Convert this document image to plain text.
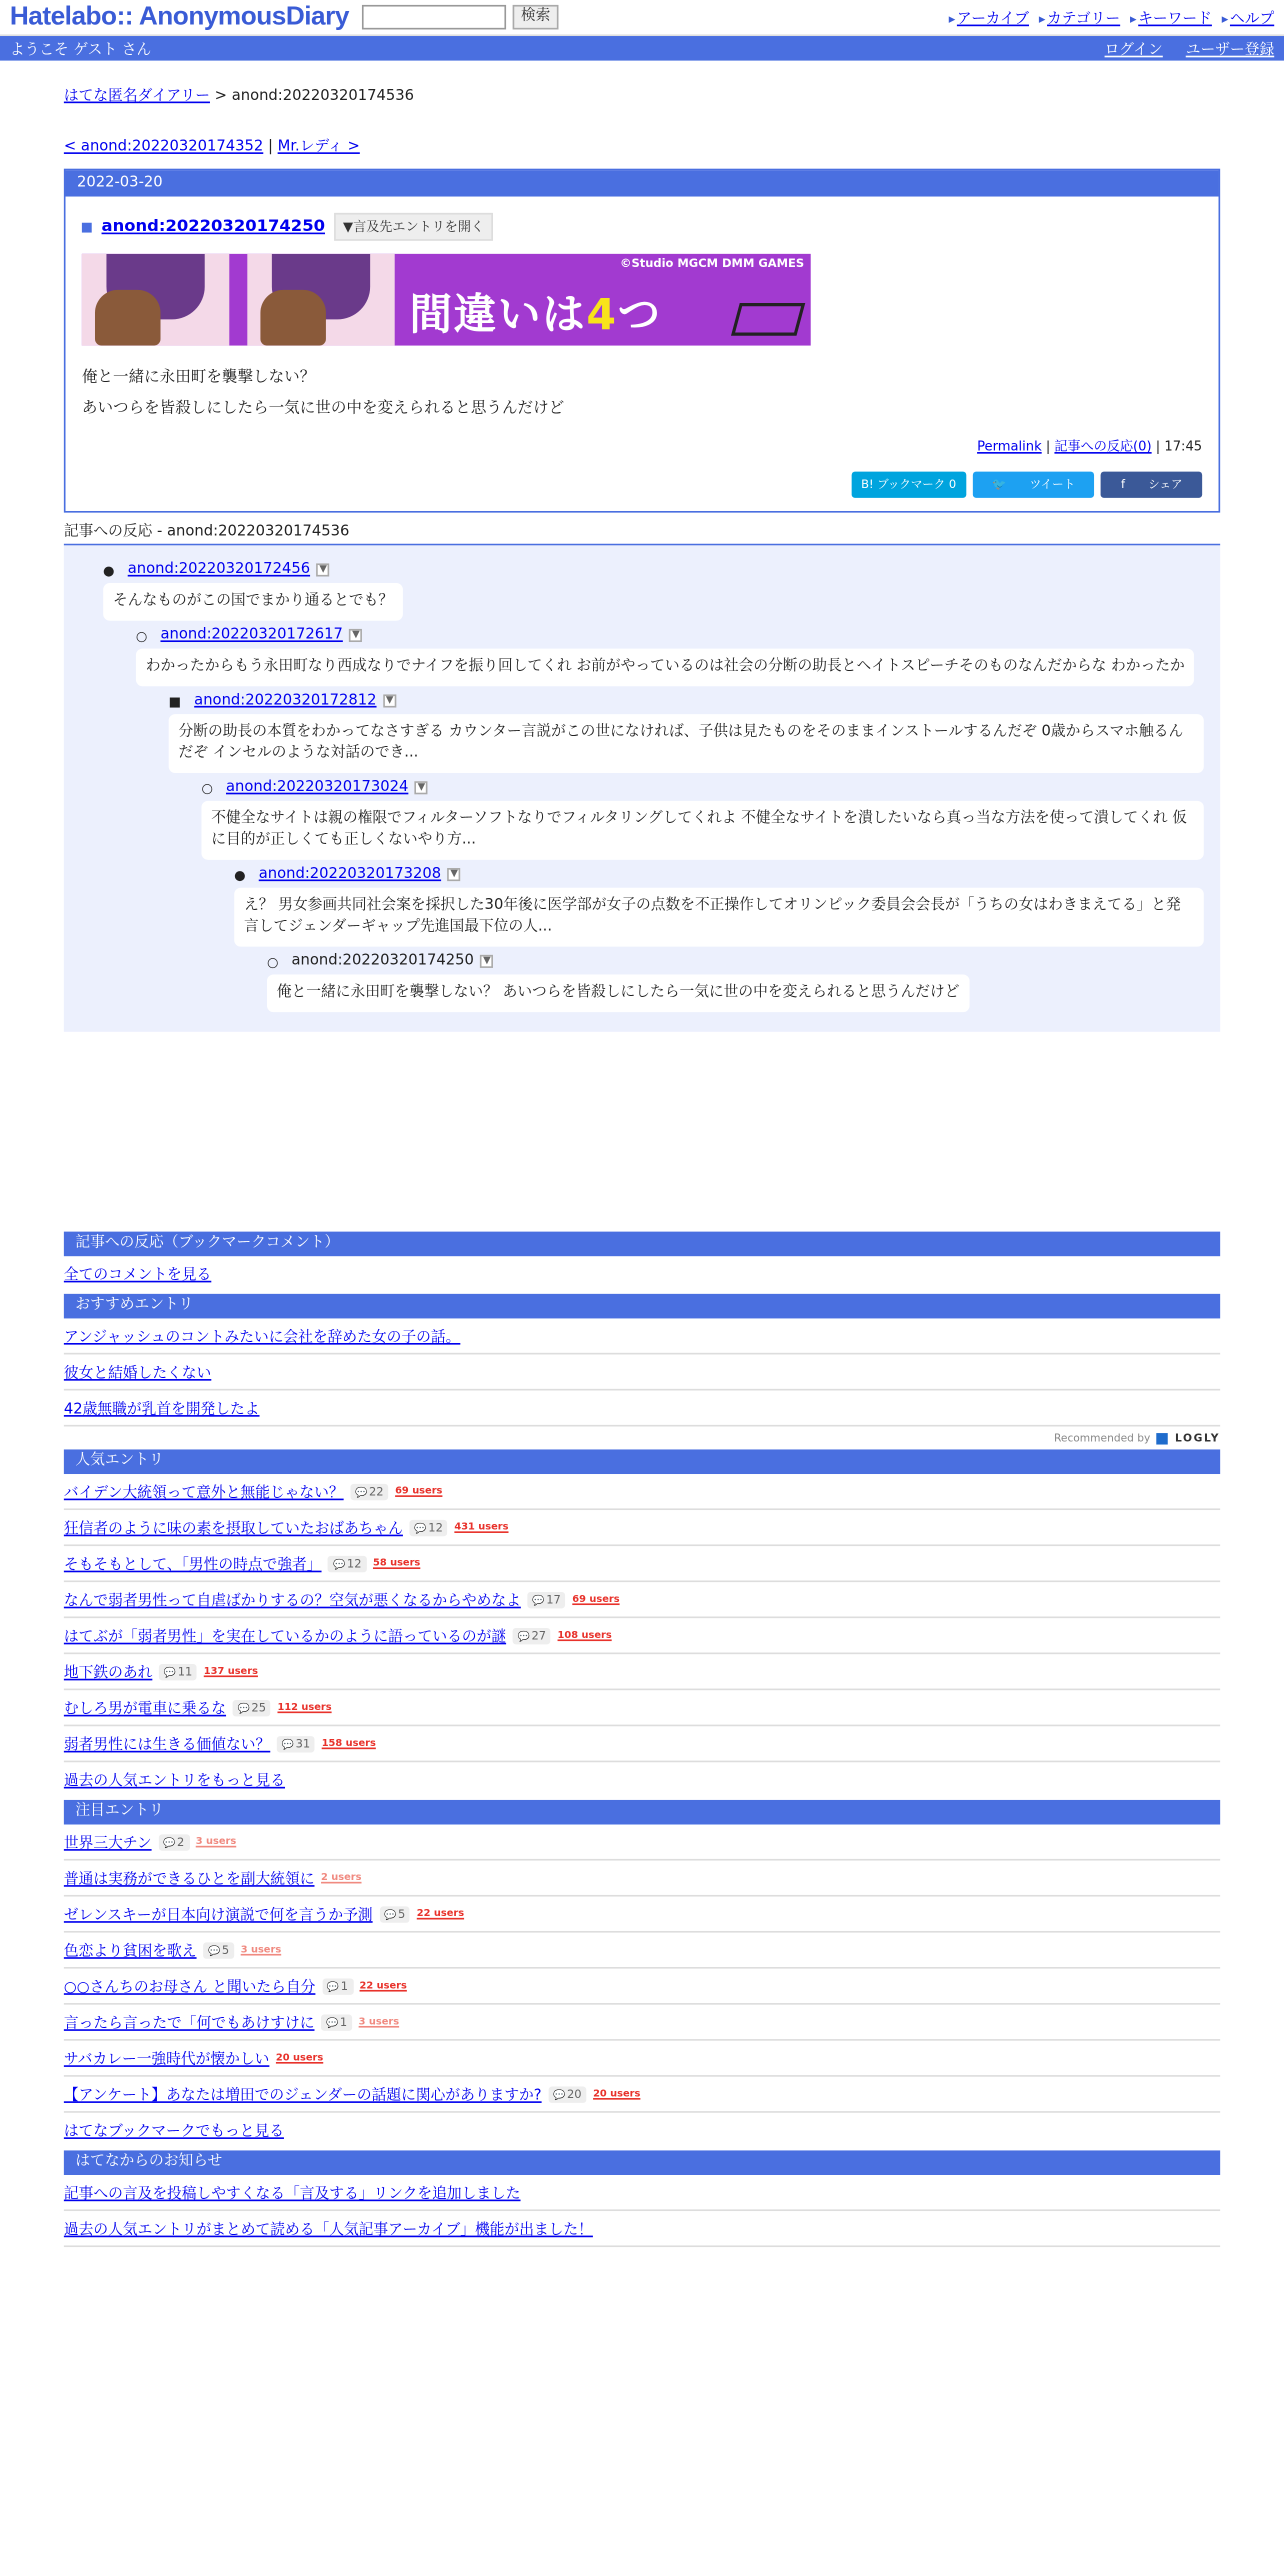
Hatelabo:: AnonymousDiary	検索	▸ アーカイブ ▸ カテゴリー ▸ キーワード ▸ ヘルプ
ようこそ ゲスト さん	ログイン	ユーザー登録
はてな匿名ダイアリー > anond:20220320174536
< anond:20220320174352 | Mr.レディ >
2022-03-20
anond:20220320174250	▼言及先エントリを開く
©Studio MGCM DMM GAMES
間違いは4つ
俺と一緒に永田町を襲撃しない？
あいつらを皆殺しにしたら一気に世の中を変えられると思うんだけど
Permalink | 記事への反応(0) | 17:45
B! ブックマーク 0	🐦	ツイート	f	シェア
記事への反応 - anond:20220320174536
● anond:20220320172456	▼
そんなものがこの国でまかり通るとでも？
○ anond:20220320172617	▼
わかったからもう永田町なり西成なりでナイフを振り回してくれ お前がやっているのは社会の分断の助長とヘイトスピーチそのものなんだからな わかったか
■ anond:20220320172812	▼
分断の助長の本質をわかってなさすぎる カウンター言説がこの世になければ、子供は見たものをそのままインストールするんだぞ 0歳からスマホ触るんだぞ インセルのような対話のでき...
○ anond:20220320173024	▼
不健全なサイトは親の権限でフィルターソフトなりでフィルタリングしてくれよ 不健全なサイトを潰したいなら真っ当な方法を使って潰してくれ 仮に目的が正しくても正しくないやり方...
● anond:20220320173208	▼
え？ 男女参画共同社会案を採択した30年後に医学部が女子の点数を不正操作してオリンピック委員会会長が「うちの女はわきまえてる」と発言してジェンダーギャップ先進国最下位の人...
○ anond:20220320174250	▼
俺と一緒に永田町を襲撃しない？ あいつらを皆殺しにしたら一気に世の中を変えられると思うんだけど
記事への反応（ブックマークコメント）
全てのコメントを見る
おすすめエントリ
アンジャッシュのコントみたいに会社を辞めた女の子の話。
彼女と結婚したくない
42歳無職が乳首を開発したよ
Recommended by	LOGLY
人気エントリ
バイデン大統領って意外と無能じゃない？	💬 22	69 users
狂信者のように味の素を摂取していたおばあちゃん	💬 12	431 users
そもそもとして、「男性の時点で強者」	💬 12	58 users
なんで弱者男性って自虐ばかりするの？空気が悪くなるからやめなよ	💬 17	69 users
はてぶが「弱者男性」を実在しているかのように語っているのが謎	💬 27	108 users
地下鉄のあれ	💬 11	137 users
むしろ男が電車に乗るな	💬 25	112 users
弱者男性には生きる価値ない？	💬 31	158 users
過去の人気エントリをもっと見る
注目エントリ
世界三大チン	💬 2	3 users
普通は実務ができるひとを副大統領に 2 users
ゼレンスキーが日本向け演説で何を言うか予測	💬 5	22 users
色恋より貧困を歌え	💬 5	3 users
○○さんちのお母さん と聞いたら自分	💬 1	22 users
言ったら言ったで「何でもあけすけに	💬 1	3 users
サバカレー一強時代が懐かしい 20 users
【アンケート】あなたは増田でのジェンダーの話題に関心がありますか?	💬 20	20 users
はてなブックマークでもっと見る
はてなからのお知らせ
記事への言及を投稿しやすくなる「言及する」リンクを追加しました
過去の人気エントリがまとめて読める「人気記事アーカイブ」機能が出ました！
